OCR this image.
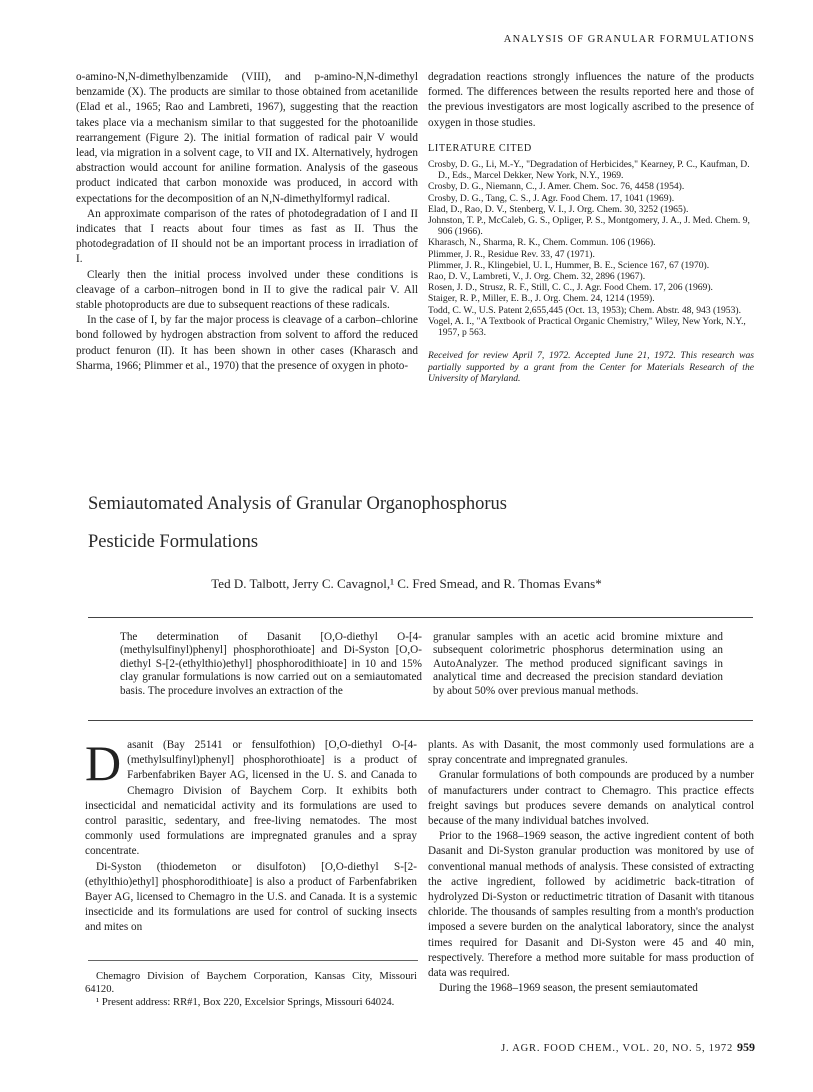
ANALYSIS OF GRANULAR FORMULATIONS

o-amino-N,N-dimethylbenzamide (VIII), and p-amino-N,N-dimethyl benzamide (X). The products are similar to those obtained from acetanilide (Elad et al., 1965; Rao and Lambreti, 1967), suggesting that the reaction takes place via a mechanism similar to that suggested for the photoanilide rearrangement (Figure 2). The initial formation of radical pair V would lead, via migration in a solvent cage, to VII and IX. Alternatively, hydrogen abstraction would account for aniline formation. Analysis of the gaseous product indicated that carbon monoxide was produced, in accord with expectations for the decomposition of an N,N-dimethylformyl radical.

An approximate comparison of the rates of photodegradation of I and II indicates that I reacts about four times as fast as II. Thus the photodegradation of II should not be an important process in irradiation of I.

Clearly then the initial process involved under these conditions is cleavage of a carbon–nitrogen bond in II to give the radical pair V. All stable photoproducts are due to subsequent reactions of these radicals.

In the case of I, by far the major process is cleavage of a carbon–chlorine bond followed by hydrogen abstraction from solvent to afford the reduced product fenuron (II). It has been shown in other cases (Kharasch and Sharma, 1966; Plimmer et al., 1970) that the presence of oxygen in photo-

degradation reactions strongly influences the nature of the products formed. The differences between the results reported here and those of the previous investigators are most logically ascribed to the presence of oxygen in those studies.

LITERATURE CITED
Crosby, D. G., Li, M.-Y., "Degradation of Herbicides," Kearney, P. C., Kaufman, D. D., Eds., Marcel Dekker, New York, N.Y., 1969.
Crosby, D. G., Niemann, C., J. Amer. Chem. Soc. 76, 4458 (1954).
Crosby, D. G., Tang, C. S., J. Agr. Food Chem. 17, 1041 (1969).
Elad, D., Rao, D. V., Stenberg, V. I., J. Org. Chem. 30, 3252 (1965).
Johnston, T. P., McCaleb, G. S., Opliger, P. S., Montgomery, J. A., J. Med. Chem. 9, 906 (1966).
Kharasch, N., Sharma, R. K., Chem. Commun. 106 (1966).
Plimmer, J. R., Residue Rev. 33, 47 (1971).
Plimmer, J. R., Klingebiel, U. I., Hummer, B. E., Science 167, 67 (1970).
Rao, D. V., Lambreti, V., J. Org. Chem. 32, 2896 (1967).
Rosen, J. D., Strusz, R. F., Still, C. C., J. Agr. Food Chem. 17, 206 (1969).
Staiger, R. P., Miller, E. B., J. Org. Chem. 24, 1214 (1959).
Todd, C. W., U.S. Patent 2,655,445 (Oct. 13, 1953); Chem. Abstr. 48, 943 (1953).
Vogel, A. I., "A Textbook of Practical Organic Chemistry," Wiley, New York, N.Y., 1957, p 563.
Received for review April 7, 1972. Accepted June 21, 1972. This research was partially supported by a grant from the Center for Materials Research of the University of Maryland.
Semiautomated Analysis of Granular Organophosphorus
Pesticide Formulations
Ted D. Talbott, Jerry C. Cavagnol,¹ C. Fred Smead, and R. Thomas Evans*
The determination of Dasanit [O,O-diethyl O-[4-(methylsulfinyl)phenyl] phosphorothioate] and Di-Syston [O,O-diethyl S-[2-(ethylthio)ethyl] phosphorodithioate] in 10 and 15% clay granular formulations is now carried out on a semiautomated basis. The procedure involves an extraction of the
granular samples with an acetic acid bromine mixture and subsequent colorimetric phosphorus determination using an AutoAnalyzer. The method produced significant savings in analytical time and decreased the precision standard deviation by about 50% over previous manual methods.

Dasanit (Bay 25141 or fensulfothion) [O,O-diethyl O-[4-(methylsulfinyl)phenyl] phosphorothioate] is a product of Farbenfabriken Bayer AG, licensed in the U. S. and Canada to Chemagro Division of Baychem Corp. It exhibits both insecticidal and nematicidal activity and its formulations are used to control parasitic, sedentary, and free-living nematodes. The most commonly used formulations are impregnated granules and a spray concentrate.

Di-Syston (thiodemeton or disulfoton) [O,O-diethyl S-[2-(ethylthio)ethyl] phosphorodithioate] is also a product of Farbenfabriken Bayer AG, licensed to Chemagro in the U.S. and Canada. It is a systemic insecticide and its formulations are used for control of sucking insects and mites on

Chemagro Division of Baychem Corporation, Kansas City, Missouri 64120.

¹ Present address: RR#1, Box 220, Excelsior Springs, Missouri 64024.

plants. As with Dasanit, the most commonly used formulations are a spray concentrate and impregnated granules.

Granular formulations of both compounds are produced by a number of manufacturers under contract to Chemagro. This practice effects freight savings but produces severe demands on analytical control because of the many individual batches involved.

Prior to the 1968–1969 season, the active ingredient content of both Dasanit and Di-Syston granular production was monitored by use of conventional manual methods of analysis. These consisted of extracting the active ingredient, followed by acidimetric back-titration of hydrolyzed Di-Syston or reductimetric titration of Dasanit with titanous chloride. The thousands of samples resulting from a month's production imposed a severe burden on the analytical laboratory, since the analyst times required for Dasanit and Di-Syston were 45 and 40 min, respectively. Therefore a method more suitable for mass production of data was required.

During the 1968–1969 season, the present semiautomated

J. AGR. FOOD CHEM., VOL. 20, NO. 5, 1972 959
